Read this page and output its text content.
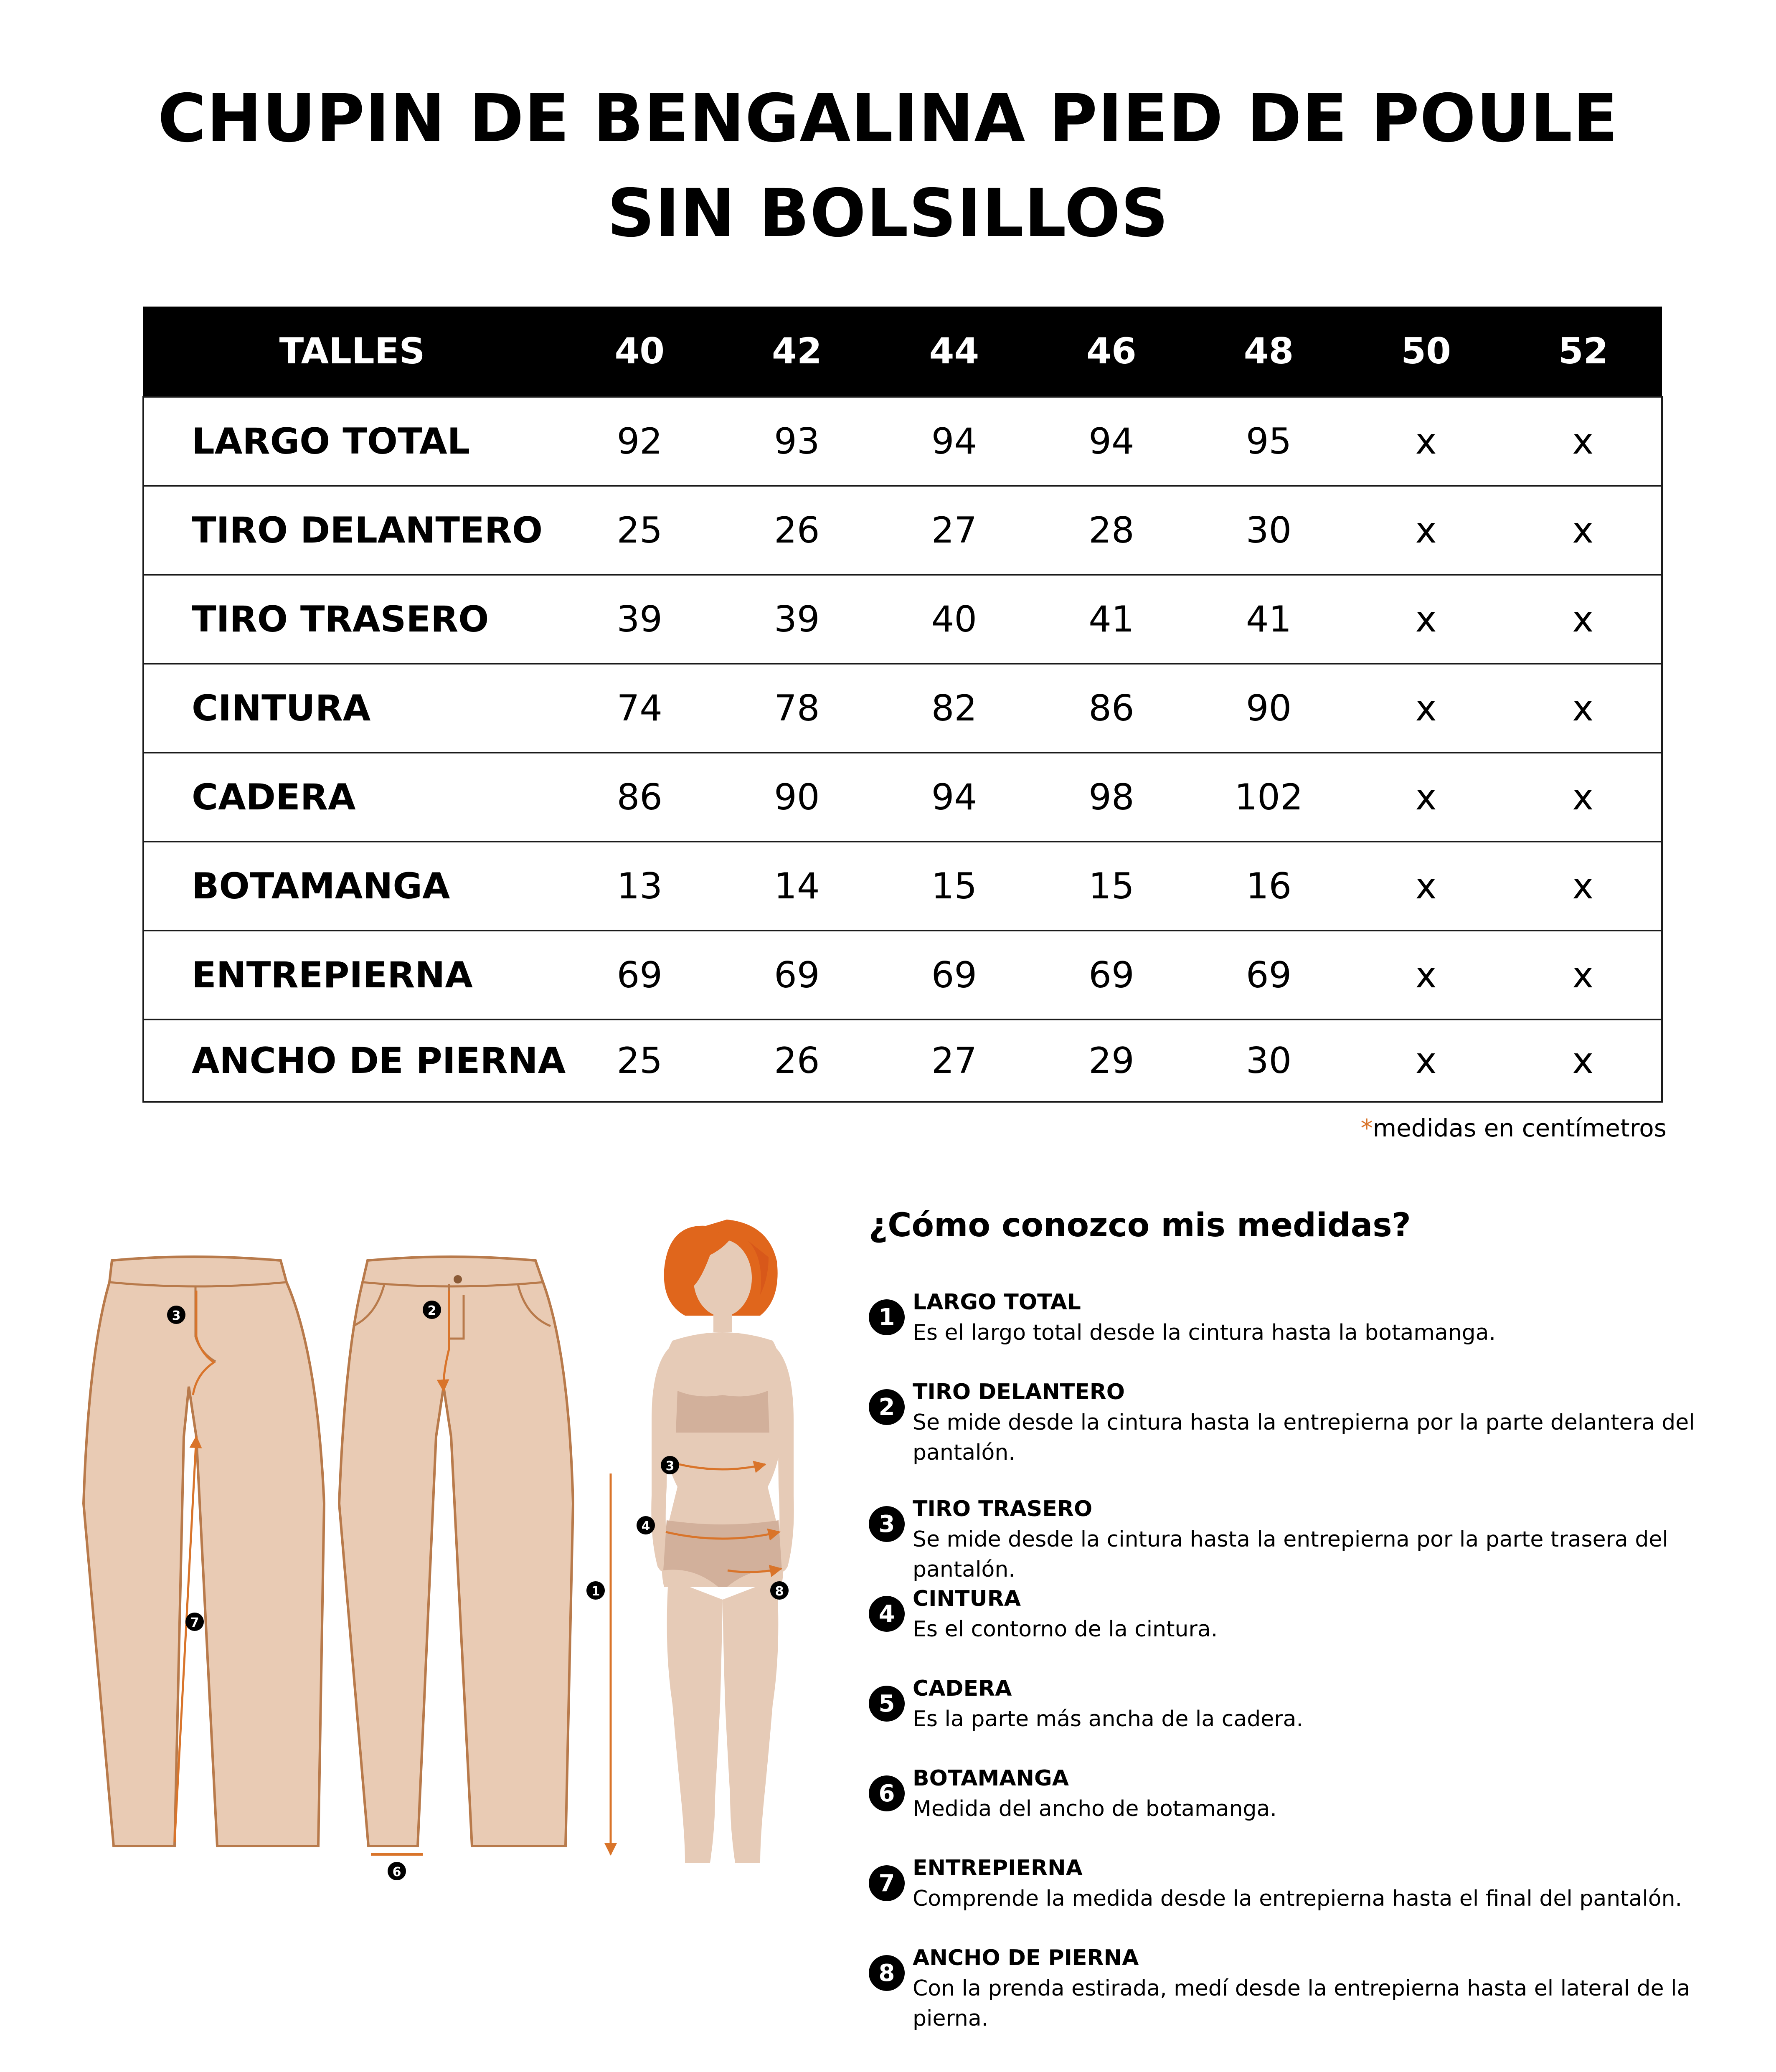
CHUPIN DE BENGALINA PIED DE POULE
SIN BOLSILLOS
TALLES	40	42	44	46	48	50	52
LARGO TOTAL	92	93	94	94	95	x	x
TIRO DELANTERO	25	26	27	28	30	x	x
TIRO TRASERO	39	39	40	41	41	x	x
CINTURA	74	78	82	86	90	x	x
CADERA	86	90	94	98	102	x	x
BOTAMANGA	13	14	15	15	16	x	x
ENTREPIERNA	69	69	69	69	69	x	x
ANCHO DE PIERNA	25	26	27	29	30	x	x
*medidas en centímetros
3
7
2
6
3
4
1	8
¿Cómo conozco mis medidas?
1
LARGO TOTAL
Es el largo total desde la cintura hasta la botamanga.
2
TIRO DELANTERO
Se mide desde la cintura hasta la entrepierna por la parte delantera del pantalón.
3
TIRO TRASERO
Se mide desde la cintura hasta la entrepierna por la parte trasera del pantalón.
4
CINTURA
Es el contorno de la cintura.
5
CADERA
Es la parte más ancha de la cadera.
6
BOTAMANGA
Medida del ancho de botamanga.
7
ENTREPIERNA
Comprende la medida desde la entrepierna hasta el final del pantalón.
8
ANCHO DE PIERNA
Con la prenda estirada, medí desde la entrepierna hasta el lateral de la pierna.
